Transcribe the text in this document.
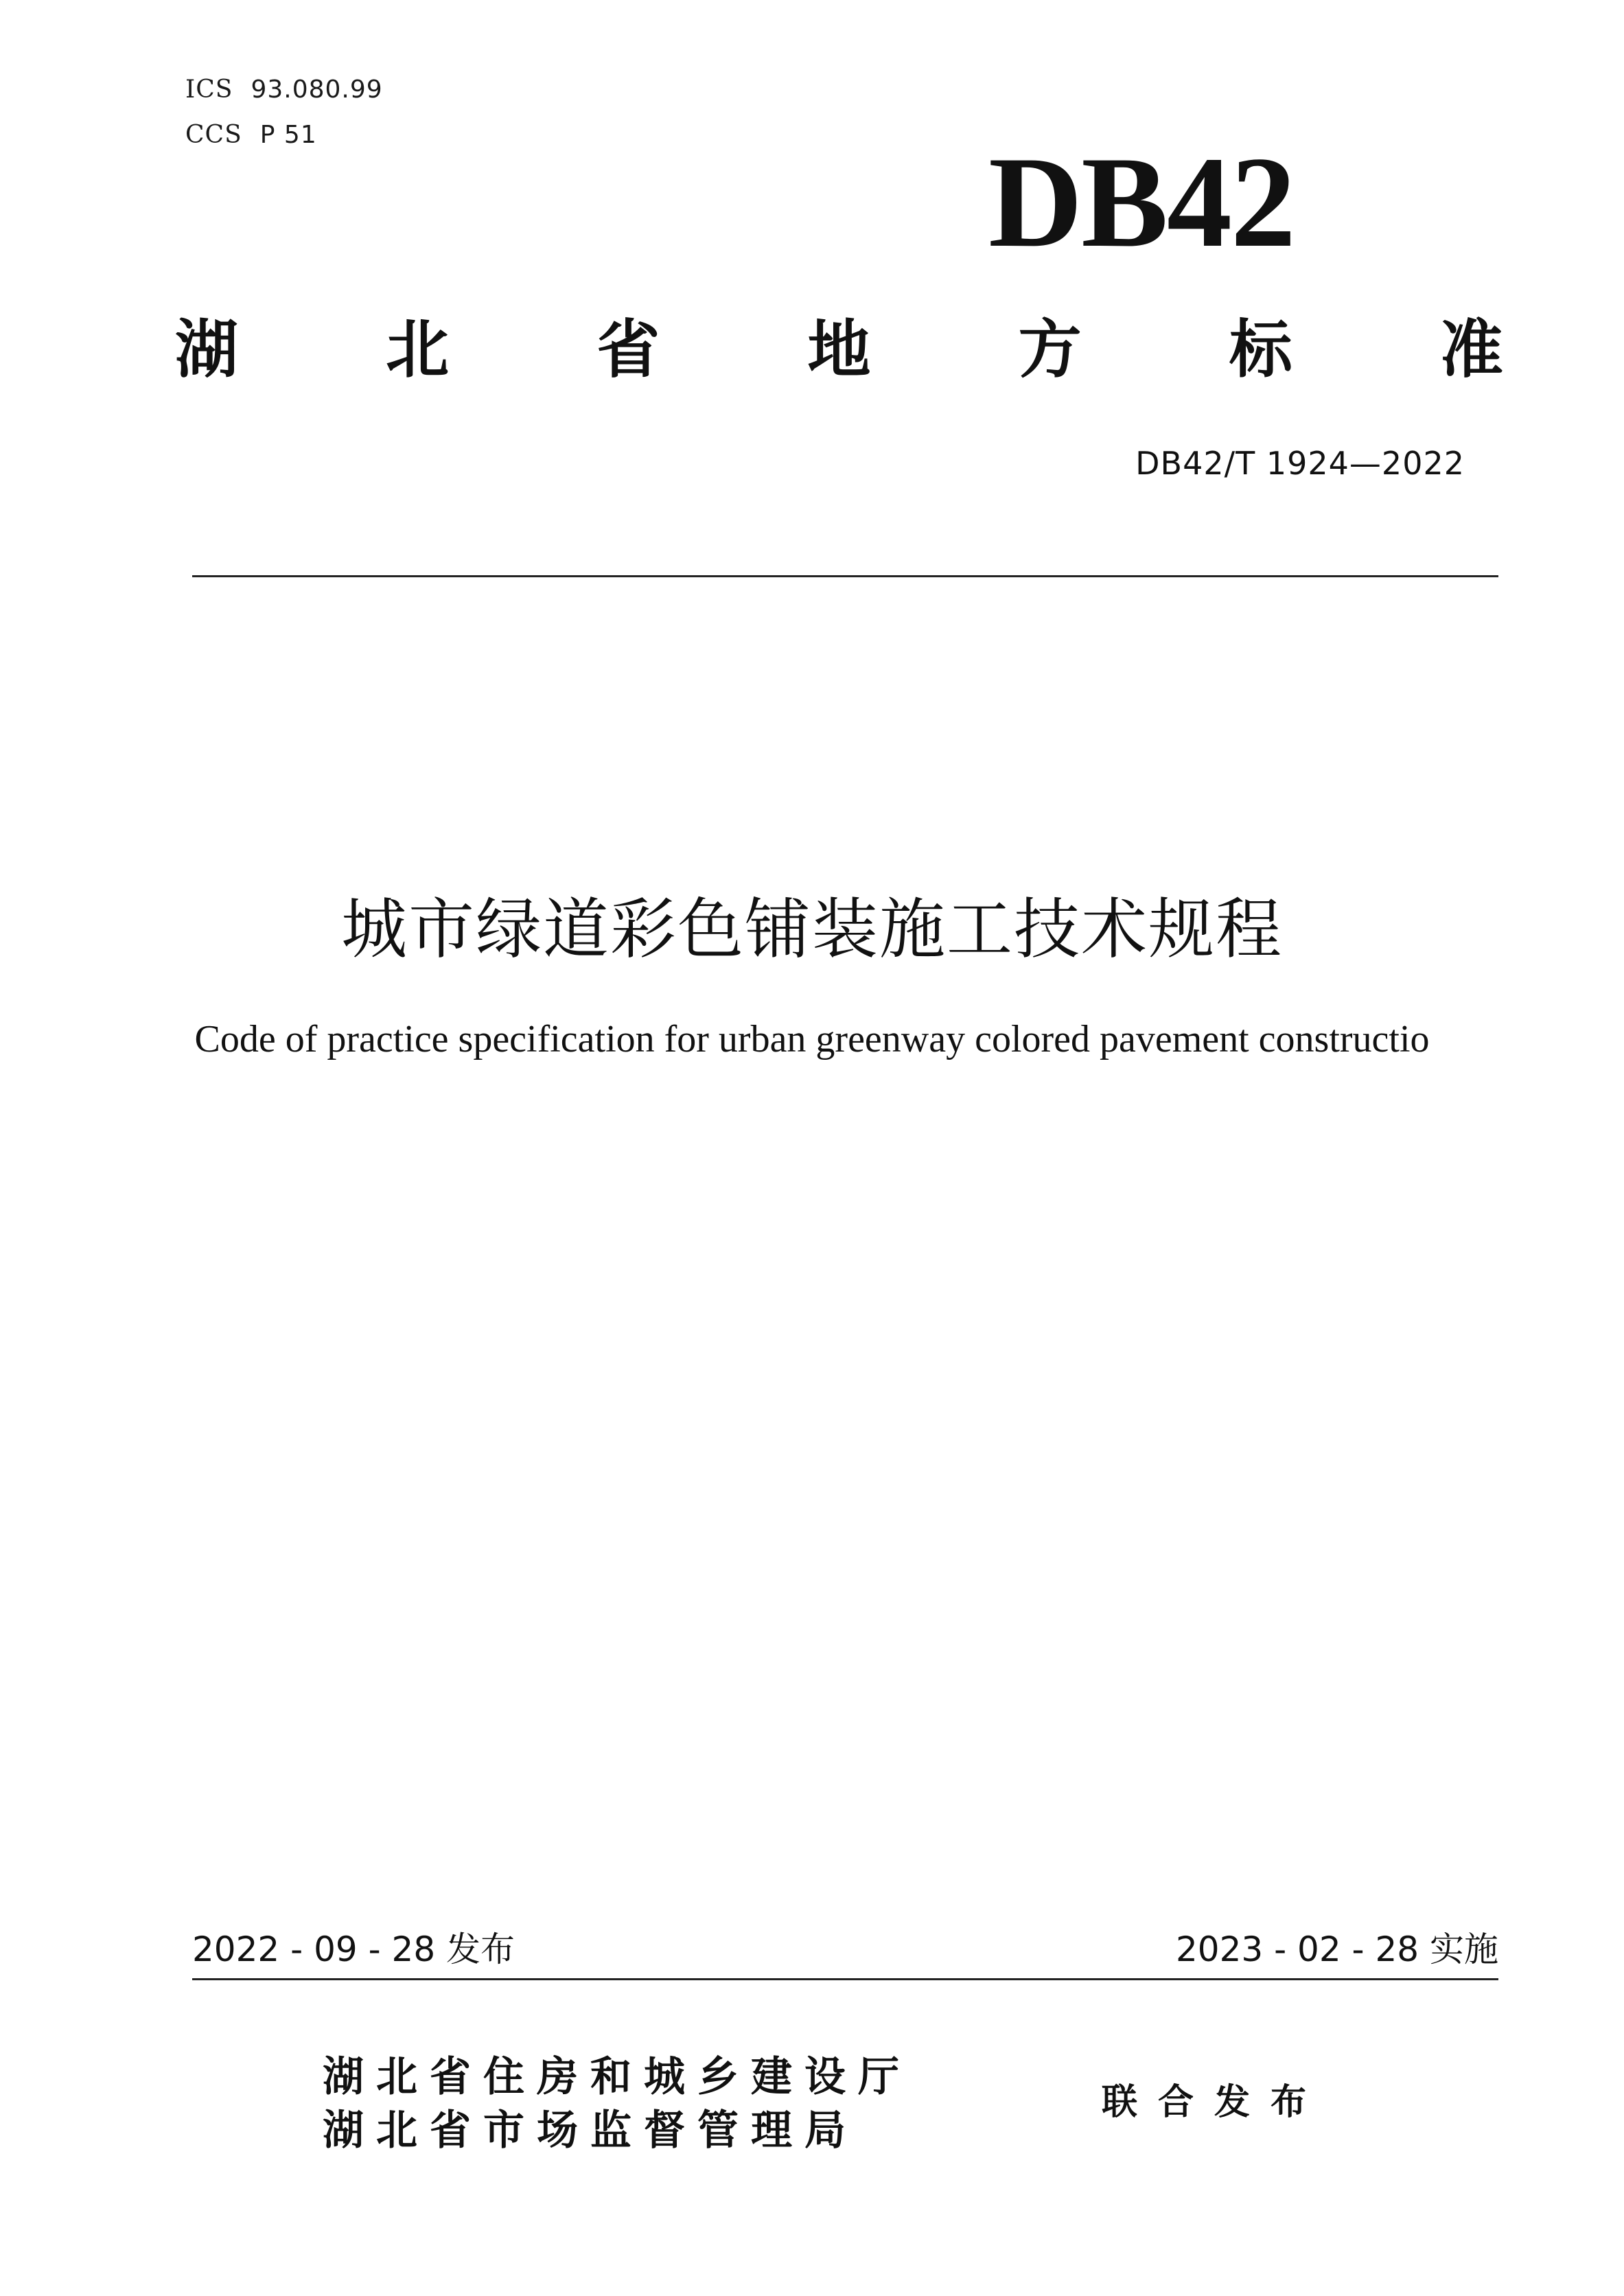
ICS 93.080.99
CCS P 51	DB42
湖 北 省 地 方 标 准
DB42/T 1924—2022
城市绿道彩色铺装施工技术规程
Code of practice specification for urban greenway colored pavement constructio
2022 - 09 - 28 发布	2023 - 02 - 28 实施
湖北省住房和城乡建设厅
湖北省市场监督管理局
联合发布
